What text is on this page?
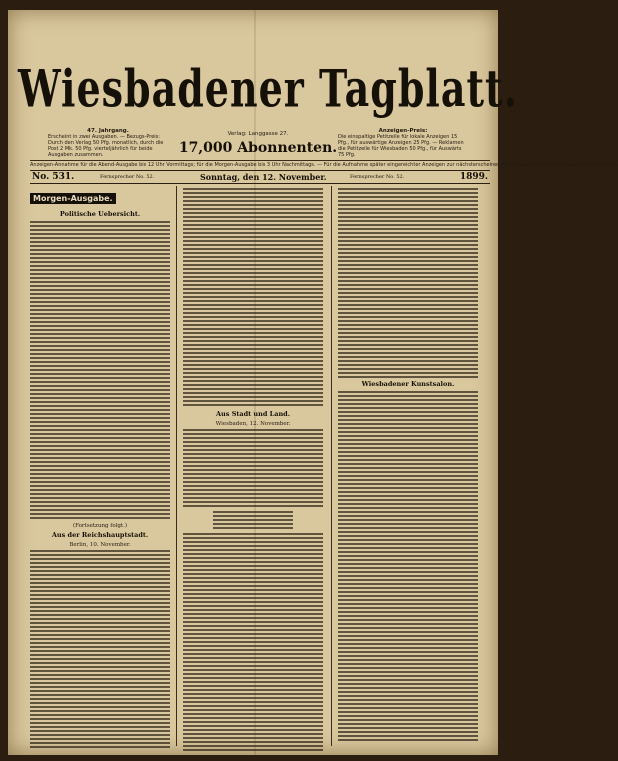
Wiesbadener Tagblatt.
47. Jahrgang.
Erscheint in zwei Ausgaben. — Bezugs-Preis: Durch den Verlag 50 Pfg. monatlich, durch die Post 2 Mk. 50 Pfg. vierteljährlich für beide Ausgaben zusammen.
Verlag: Langgasse 27.
17,000 Abonnenten.
Anzeigen-Preis:
Die einspaltige Petitzeile für lokale Anzeigen 15 Pfg., für auswärtige Anzeigen 25 Pfg. — Reklamen die Petitzeile für Wiesbaden 50 Pfg., für Auswärts 75 Pfg.
Anzeigen-Annahme für die Abend-Ausgabe bis 12 Uhr Vormittags; für die Morgen-Ausgabe bis 3 Uhr Nachmittags. — Für die Aufnahme später eingereichter Anzeigen zur nächsterscheinenden Ausgabe wird keine Gewähr übernommen.
No. 531.	Fernsprecher No. 52.	Sonntag, den 12. November.	Fernsprecher No. 52.	1899.
Morgen-Ausgabe.
Politische Uebersicht.
(Fortsetzung folgt.)
Aus der Reichshauptstadt.
Berlin, 10. November.
Aus Stadt und Land.
Wiesbaden, 12. November.
Wiesbadener Kunstsalon.
